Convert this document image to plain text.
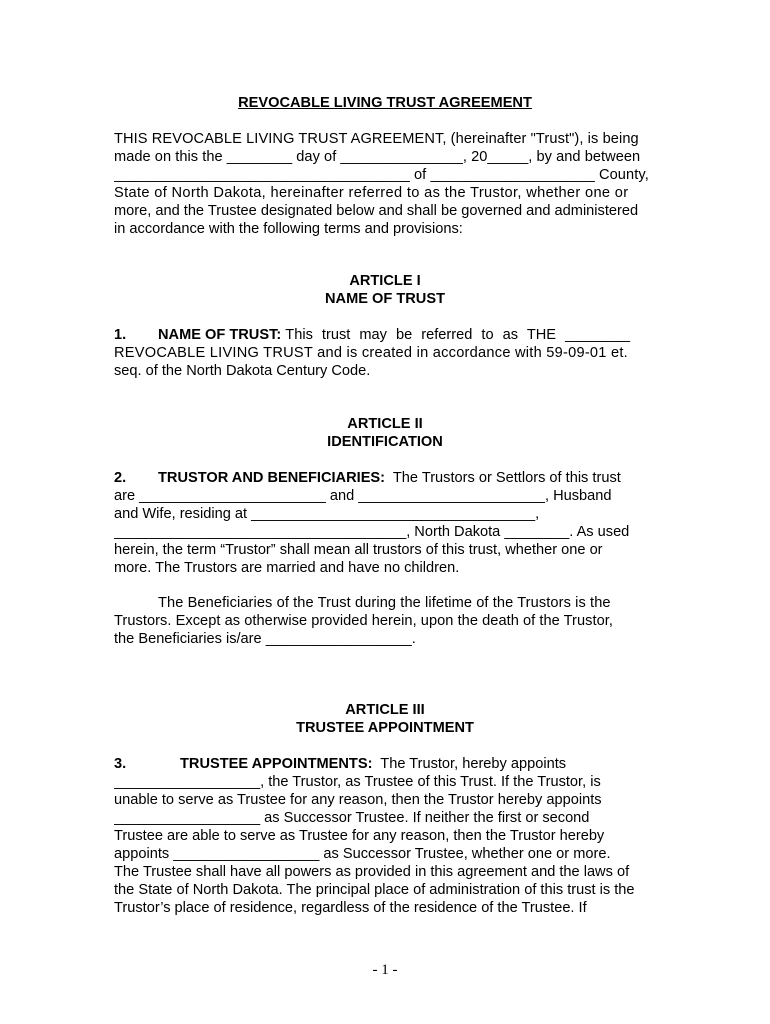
REVOCABLE LIVING TRUST AGREEMENT
THIS REVOCABLE LIVING TRUST AGREEMENT, (hereinafter "Trust"), is being
made on this the ________ day of _______________, 20_____, by and between
____________________________________ of ____________________ County,
State of North Dakota, hereinafter referred to as the Trustor, whether one or
more, and the Trustee designated below and shall be governed and administered
in accordance with the following terms and provisions:
ARTICLE I
NAME OF TRUST
1. NAME OF TRUST: This trust may be referred to as THE ________
REVOCABLE LIVING TRUST and is created in accordance with 59-09-01 et.
seq. of the North Dakota Century Code.
ARTICLE II
IDENTIFICATION
2. TRUSTOR AND BENEFICIARIES: The Trustors or Settlors of this trust
are _______________________ and _______________________, Husband
and Wife, residing at ___________________________________,
____________________________________, North Dakota ________. As used
herein, the term “Trustor” shall mean all trustors of this trust, whether one or
more. The Trustors are married and have no children.
The Beneficiaries of the Trust during the lifetime of the Trustors is the
Trustors. Except as otherwise provided herein, upon the death of the Trustor,
the Beneficiaries is/are __________________.
ARTICLE III
TRUSTEE APPOINTMENT
3.	TRUSTEE APPOINTMENTS: The Trustor, hereby appoints
__________________, the Trustor, as Trustee of this Trust. If the Trustor, is
unable to serve as Trustee for any reason, then the Trustor hereby appoints
__________________ as Successor Trustee. If neither the first or second
Trustee are able to serve as Trustee for any reason, then the Trustor hereby
appoints __________________ as Successor Trustee, whether one or more.
The Trustee shall have all powers as provided in this agreement and the laws of
the State of North Dakota. The principal place of administration of this trust is the
Trustor’s place of residence, regardless of the residence of the Trustee. If
- 1 -
